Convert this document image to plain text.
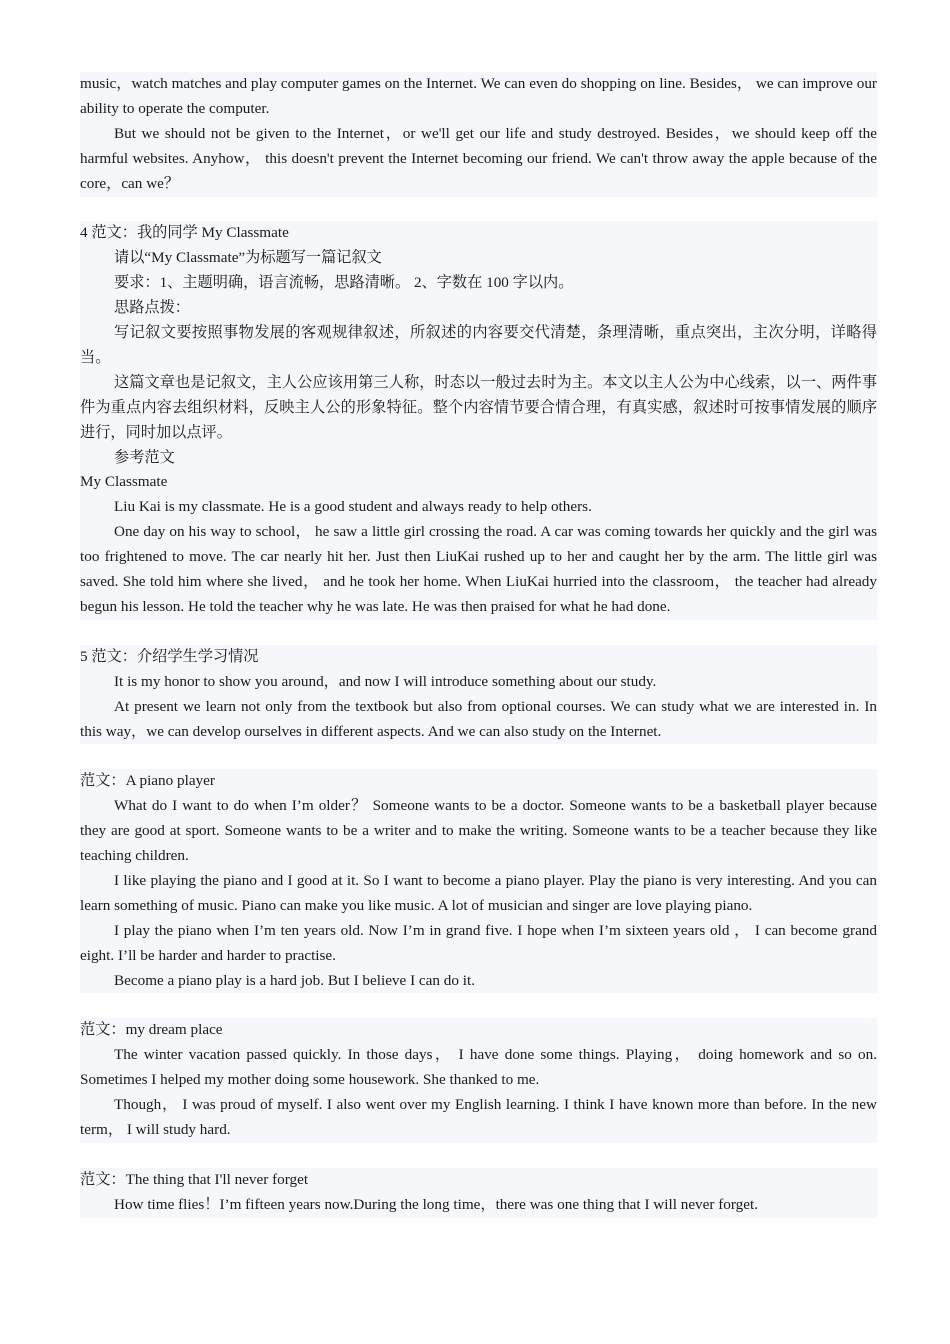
music，watch matches and play computer games on the Internet. We can even do shopping on line. Besides， we can improve our ability to operate the computer.

But we should not be given to the Internet，or we'll get our life and study destroyed. Besides，we should keep off the harmful websites. Anyhow， this doesn't prevent the Internet becoming our friend. We can't throw away the apple because of the core，can we？

4 范文：我的同学 My Classmate

请以“My Classmate”为标题写一篇记叙文

要求：1、主题明确，语言流畅，思路清晰。 2、字数在 100 字以内。

思路点拨：

写记叙文要按照事物发展的客观规律叙述，所叙述的内容要交代清楚，条理清晰，重点突出，主次分明，详略得当。

这篇文章也是记叙文，主人公应该用第三人称，时态以一般过去时为主。本文以主人公为中心线索，以一、两件事件为重点内容去组织材料，反映主人公的形象特征。整个内容情节要合情合理，有真实感，叙述时可按事情发展的顺序进行，同时加以点评。

参考范文

My Classmate

Liu Kai is my classmate. He is a good student and always ready to help others.

One day on his way to school， he saw a little girl crossing the road. A car was coming towards her quickly and the girl was too frightened to move. The car nearly hit her. Just then LiuKai rushed up to her and caught her by the arm. The little girl was saved. She told him where she lived， and he took her home. When LiuKai hurried into the classroom， the teacher had already begun his lesson. He told the teacher why he was late. He was then praised for what he had done.

5 范文：介绍学生学习情况

It is my honor to show you around，and now I will introduce something about our study.

At present we learn not only from the textbook but also from optional courses. We can study what we are interested in. In this way，we can develop ourselves in different aspects. And we can also study on the Internet.

范文：A piano player

What do I want to do when I’m older？ Someone wants to be a doctor. Someone wants to be a basketball player because they are good at sport. Someone wants to be a writer and to make the writing. Someone wants to be a teacher because they like teaching children.

I like playing the piano and I good at it. So I want to become a piano player. Play the piano is very interesting. And you can learn something of music. Piano can make you like music. A lot of musician and singer are love playing piano.

I play the piano when I’m ten years old. Now I’m in grand five. I hope when I’m sixteen years old ， I can become grand eight. I’ll be harder and harder to practise.

Become a piano play is a hard job. But I believe I can do it.

范文：my dream place

The winter vacation passed quickly. In those days， I have done some things. Playing， doing homework and so on. Sometimes I helped my mother doing some housework. She thanked to me.

Though， I was proud of myself. I also went over my English learning. I think I have known more than before. In the new term， I will study hard.

范文：The thing that I'll never forget

How time flies！I’m fifteen years now.During the long time，there was one thing that I will never forget.
